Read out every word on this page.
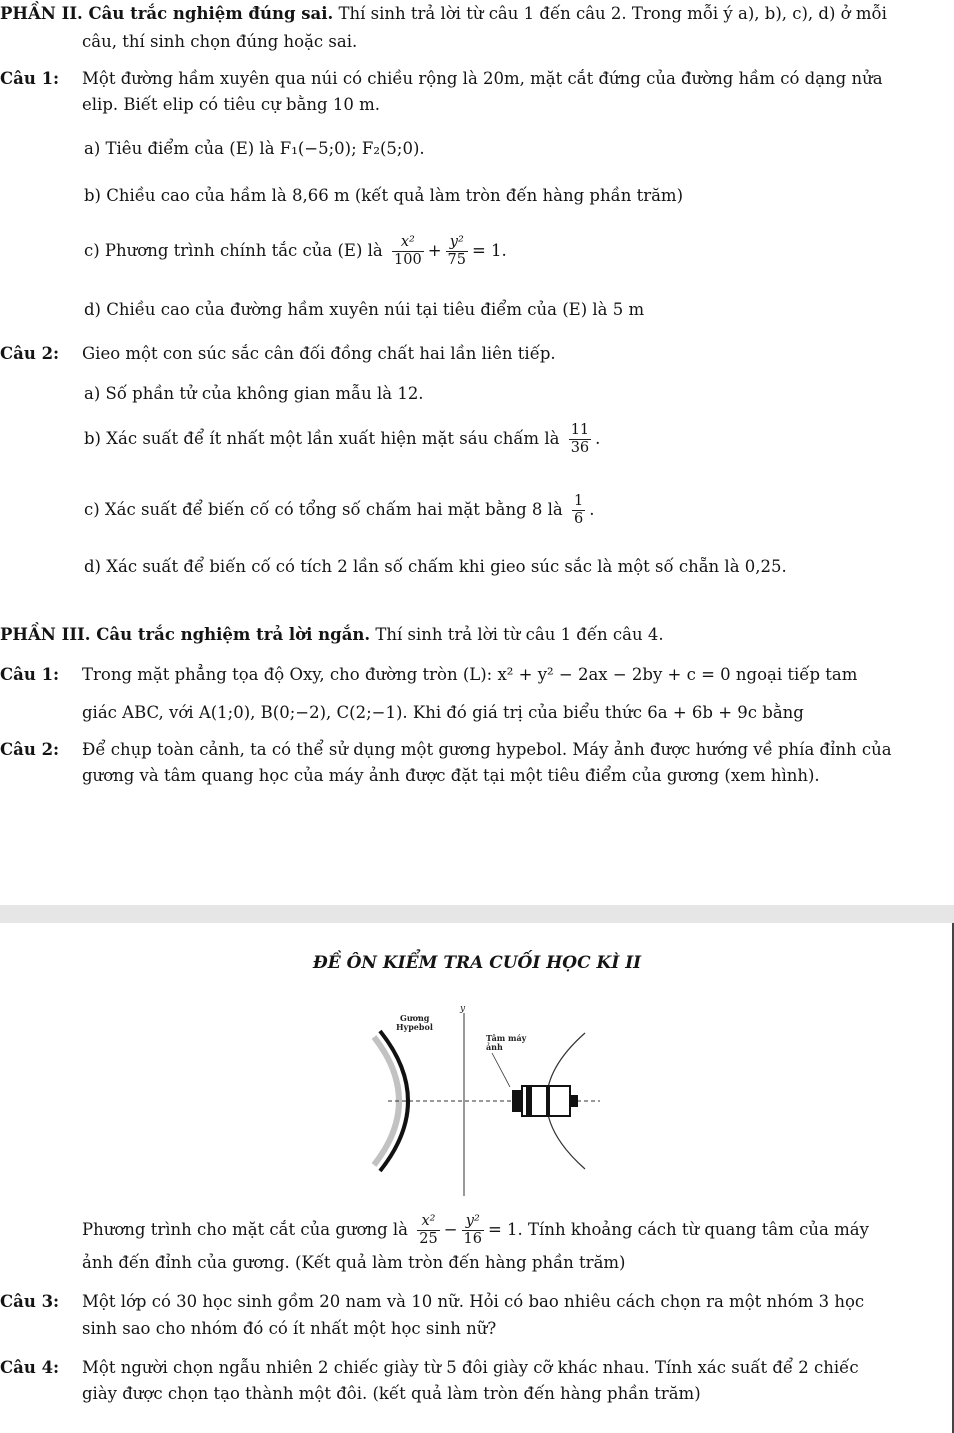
PHẦN II. Câu trắc nghiệm đúng sai. Thí sinh trả lời từ câu 1 đến câu 2. Trong mỗi ý a), b), c), d) ở mỗi
câu, thí sinh chọn đúng hoặc sai.
Câu 1: Một đường hầm xuyên qua núi có chiều rộng là 20m, mặt cắt đứng của đường hầm có dạng nửa
elip. Biết elip có tiêu cự bằng 10 m.
a) Tiêu điểm của (E) là F₁(−5;0); F₂(5;0).
b) Chiều cao của hầm là 8,66 m (kết quả làm tròn đến hàng phần trăm)
c) Phương trình chính tắc của (E) là $\frac{\text{x²}}{100} + \frac{\text{y²}}{75} = 1$.
d) Chiều cao của đường hầm xuyên núi tại tiêu điểm của (E) là 5 m
Câu 2: Gieo một con súc sắc cân đối đồng chất hai lần liên tiếp.
a) Số phần tử của không gian mẫu là 12.
b) Xác suất để ít nhất một lần xuất hiện mặt sáu chấm là $\frac{11}{36}$ .
c) Xác suất để biến cố có tổng số chấm hai mặt bằng 8 là $\frac{1}{6}$ .
d) Xác suất để biến cố có tích 2 lần số chấm khi gieo súc sắc là một số chẵn là 0,25.
PHẦN III. Câu trắc nghiệm trả lời ngắn. Thí sinh trả lời từ câu 1 đến câu 4.
Câu 1: Trong mặt phẳng tọa độ Oxy, cho đường tròn (L): x² + y² − 2ax − 2by + c = 0 ngoại tiếp tam
giác ABC, với A(1;0), B(0;−2), C(2;−1). Khi đó giá trị của biểu thức 6a + 6b + 9c bằng
Câu 2: Để chụp toàn cảnh, ta có thể sử dụng một gương hypebol. Máy ảnh được hướng về phía đỉnh của
gương và tâm quang học của máy ảnh được đặt tại một tiêu điểm của gương (xem hình).
ĐỀ ÔN KIỂM TRA CUỐI HỌC KÌ II
y
Gương
Hypebol
Tâm máy
ảnh
Phương trình cho mặt cắt của gương là $\frac{\text{x²}}{25} - \frac{\text{y²}}{16} = 1$. Tính khoảng cách từ quang tâm của máy
ảnh đến đỉnh của gương. (Kết quả làm tròn đến hàng phần trăm)
Câu 3: Một lớp có 30 học sinh gồm 20 nam và 10 nữ. Hỏi có bao nhiêu cách chọn ra một nhóm 3 học
sinh sao cho nhóm đó có ít nhất một học sinh nữ?
Câu 4: Một người chọn ngẫu nhiên 2 chiếc giày từ 5 đôi giày cỡ khác nhau. Tính xác suất để 2 chiếc
giày được chọn tạo thành một đôi. (kết quả làm tròn đến hàng phần trăm)
